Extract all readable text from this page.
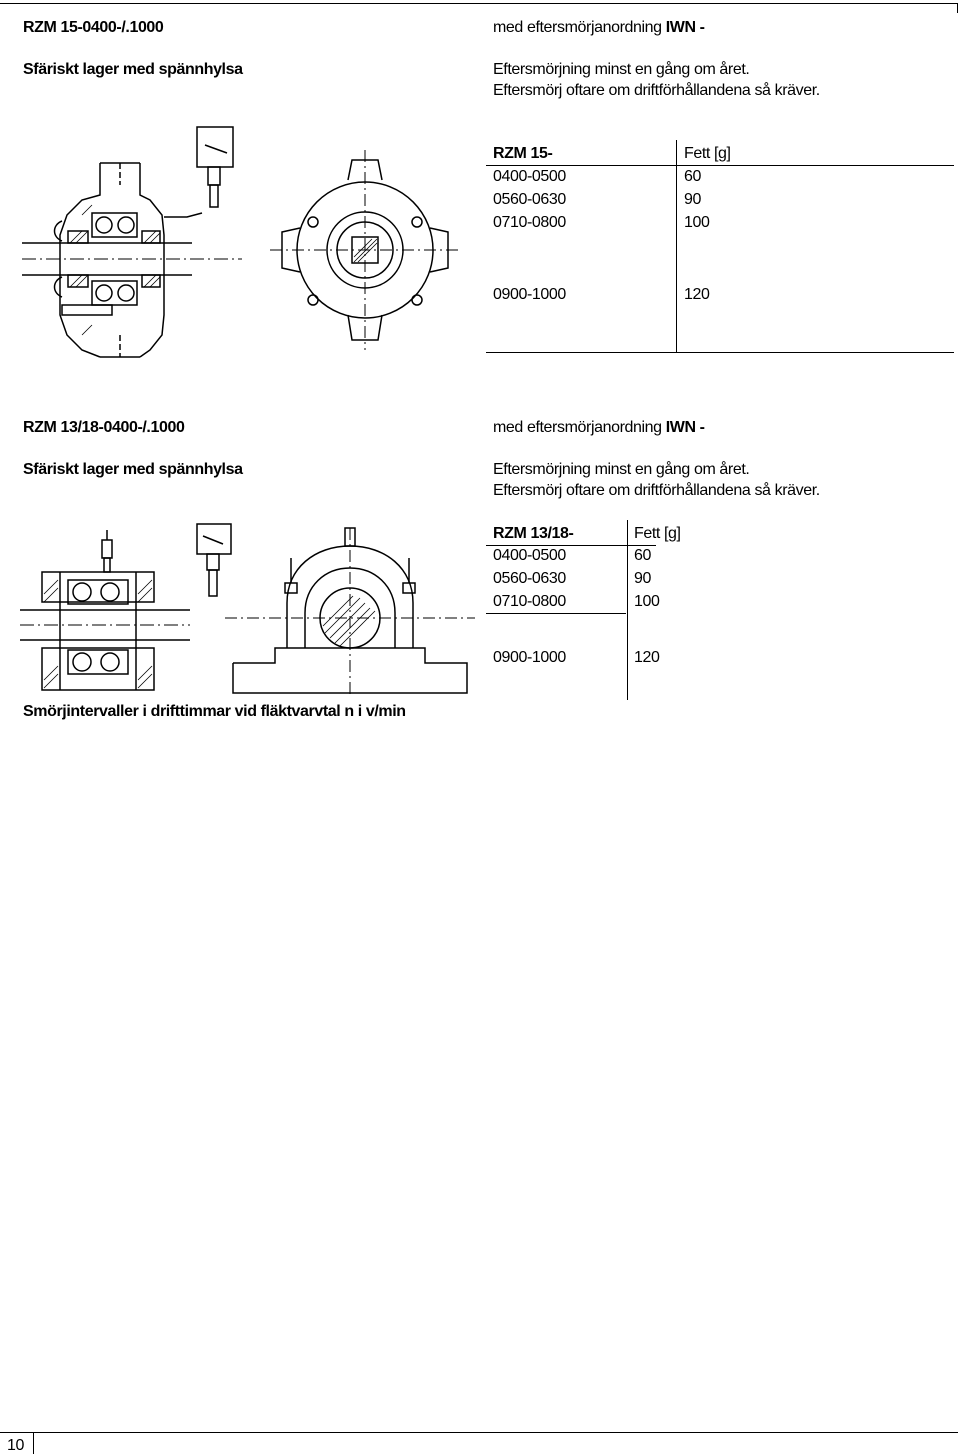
RZM 15-0400-/.1000
Sfäriskt lager med spännhylsa
med eftersmörjanordning IWN -
Eftersmörjning minst en gång om året.
Eftersmörj oftare om driftförhållandena så kräver.
RZM 15-	Fett [g]
0400-0500	60
0560-0630	90
0710-0800	100
0900-1000	120
RZM 13/18-0400-/.1000
Sfäriskt lager med spännhylsa
med eftersmörjanordning IWN -
Eftersmörjning minst en gång om året.
Eftersmörj oftare om driftförhållandena så kräver.
RZM 13/18-	Fett [g]
0400-0500	60
0560-0630	90
0710-0800	100
0900-1000	120
Smörjintervaller i drifttimmar vid fläktvarvtal n i v/min
10
